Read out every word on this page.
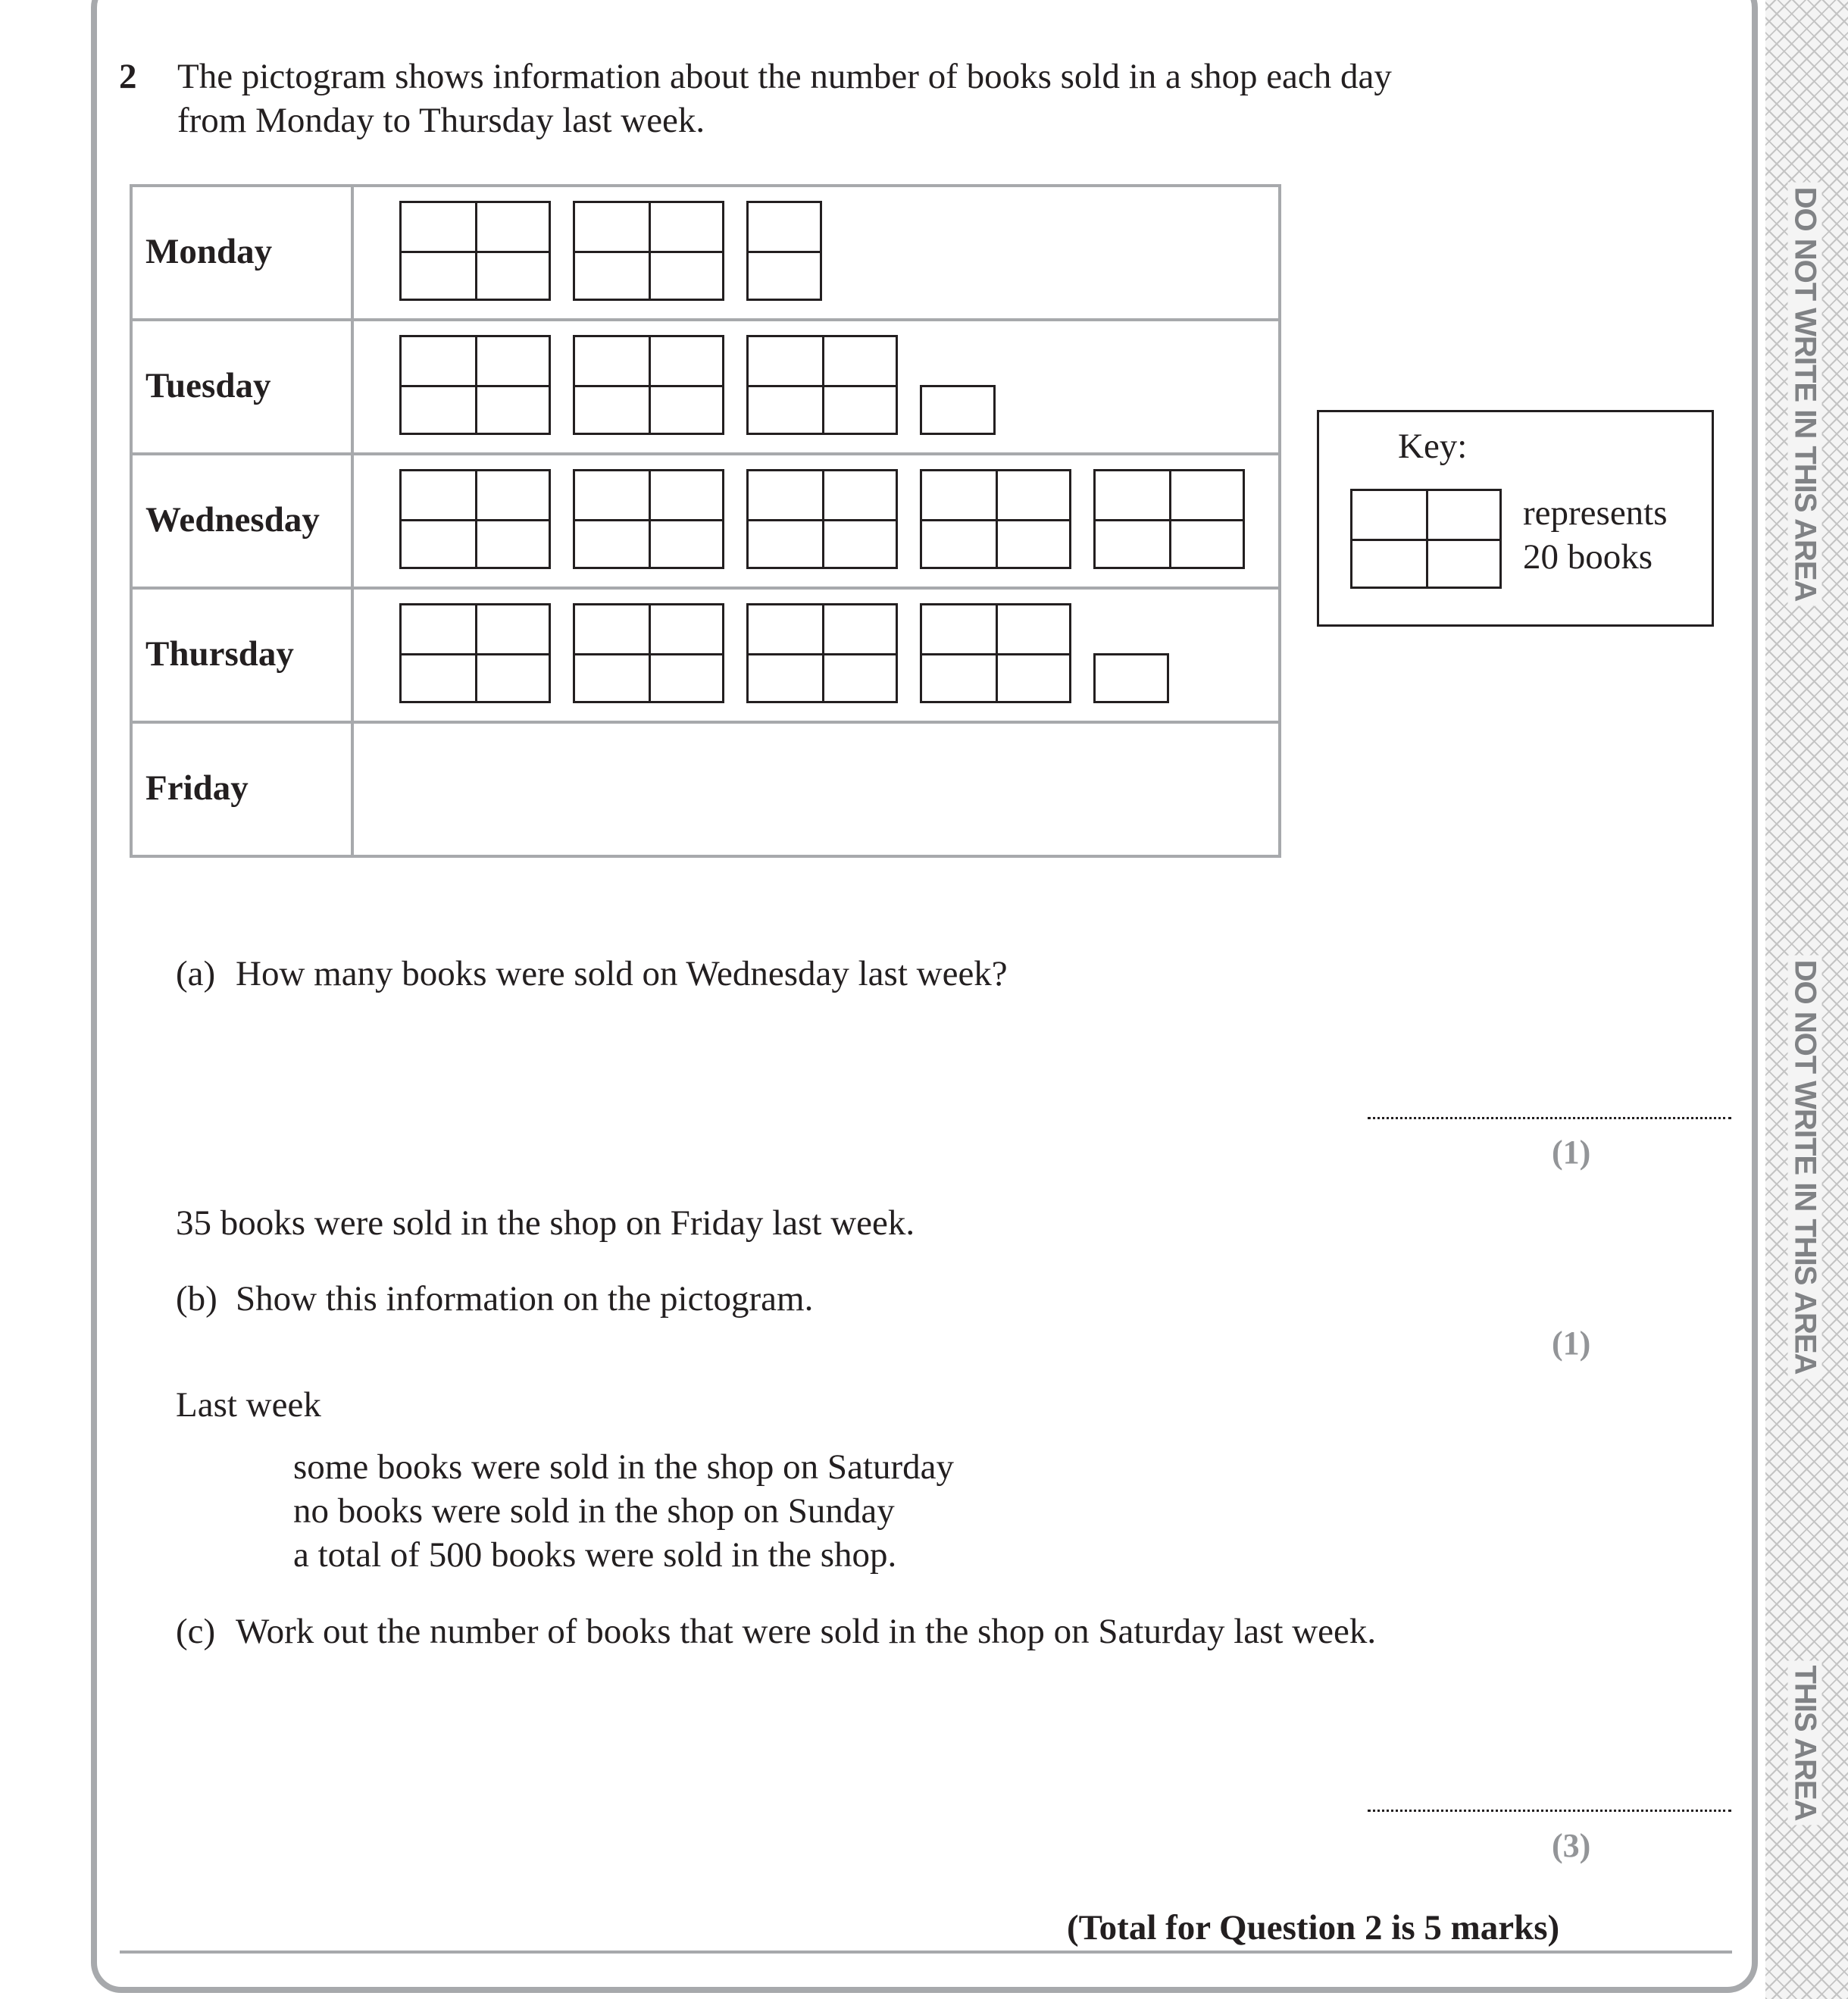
DO NOT WRITE IN THIS AREA
DO NOT WRITE IN THIS AREA
THIS AREA
2 The pictogram shows information about the number of books sold in a shop each day
from Monday to Thursday last week.
Monday
Tuesday
Wednesday
Thursday
Friday
Key:
represents
20 books
(a) How many books were sold on Wednesday last week?
(1)
35 books were sold in the shop on Friday last week.
(b) Show this information on the pictogram.
(1)
Last week
some books were sold in the shop on Saturday
no books were sold in the shop on Sunday
a total of 500 books were sold in the shop.
(c) Work out the number of books that were sold in the shop on Saturday last week.
(3)
(Total for Question 2 is 5 marks)
